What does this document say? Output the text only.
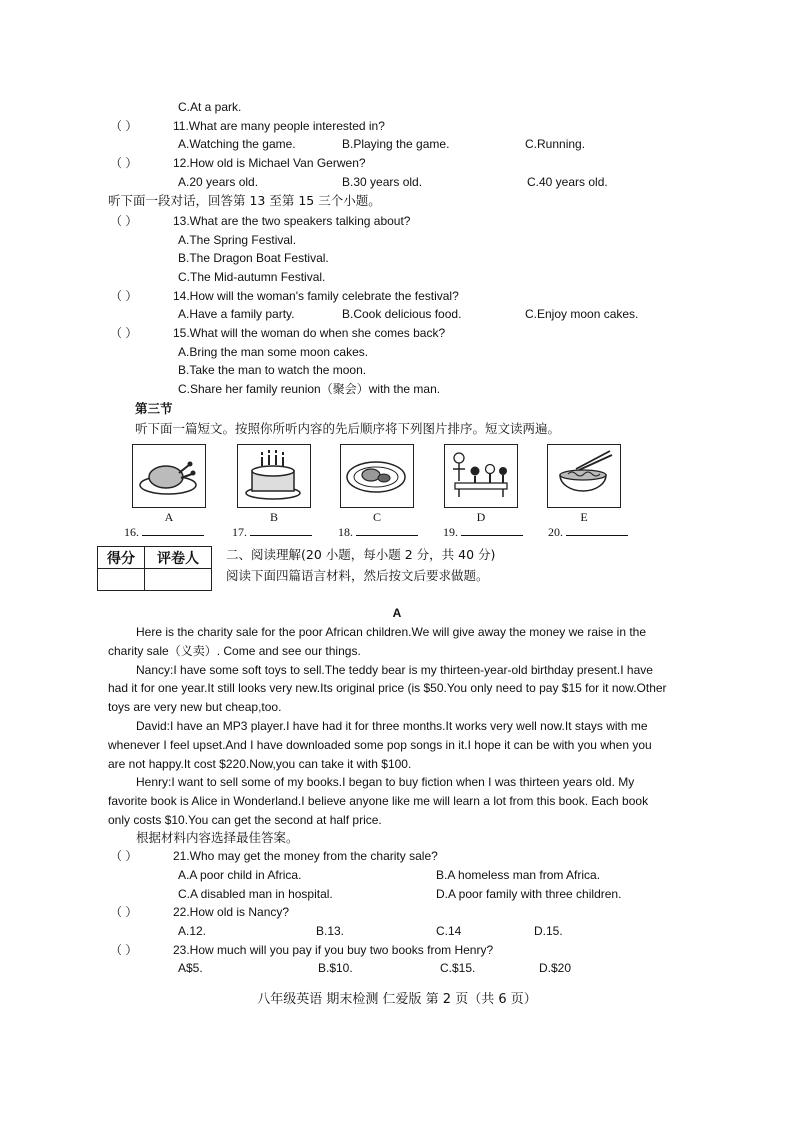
C.At a park.
（ ）	11.What are many people interested in?
A.Watching the game.	B.Playing the game.	C.Running.
（ ）	12.How old is Michael Van Gerwen?
A.20 years old.	B.30 years old.	C.40 years old.
听下面一段对话，回答第 13 至第 15 三个小题。
（ ）	13.What are the two speakers talking about?
A.The Spring Festival.
B.The Dragon Boat Festival.
C.The Mid-autumn Festival.
（ ）	14.How will the woman's family celebrate the festival?
A.Have a family party.	B.Cook delicious food.	C.Enjoy moon cakes.
（ ）	15.What will the woman do when she comes back?
A.Bring the man some moon cakes.
B.Take the man to watch the moon.
C.Share her family reunion（聚会）with the man.
第三节
听下面一篇短文。按照你所听内容的先后顺序将下列图片排序。短文读两遍。
A	B	C	D	E
16.	17.	18.	19.	20.
得分	评卷人
	二、阅读理解(20 小题，每小题 2 分，共 40 分)
阅读下面四篇语言材料，然后按文后要求做题。
A

Here is the charity sale for the poor African children.We will give away the money we raise in the charity sale（义卖）. Come and see our things.

Nancy:I have some soft toys to sell.The teddy bear is my thirteen-year-old birthday present.I have had it for one year.It still looks very new.Its original price (is $50.You only need to pay $15 for it now.Other toys are very new but cheap,too.

David:I have an MP3 player.I have had it for three months.It works very well now.It stays with me whenever I feel upset.And I have downloaded some pop songs in it.I hope it can be with you when you are not happy.It cost $220.Now,you can take it with $100.

Henry:I want to sell some of my books.I began to buy fiction when I was thirteen years old. My favorite book is Alice in Wonderland.I believe anyone like me will learn a lot from this book. Each book only costs $10.You can get the second at half price.

根据材料内容选择最佳答案。
（ ）	21.Who may get the money from the charity sale?
A.A poor child in Africa.	B.A homeless man from Africa.
C.A disabled man in hospital.	D.A poor family with three children.
（ ）	22.How old is Nancy?
A.12.	B.13.	C.14	D.15.
（ ）	23.How much will you pay if you buy two books from Henry?
A$5.	B.$10.	C.$15.	D.$20
八年级英语 期末检测 仁爱版 第 2 页（共 6 页）
